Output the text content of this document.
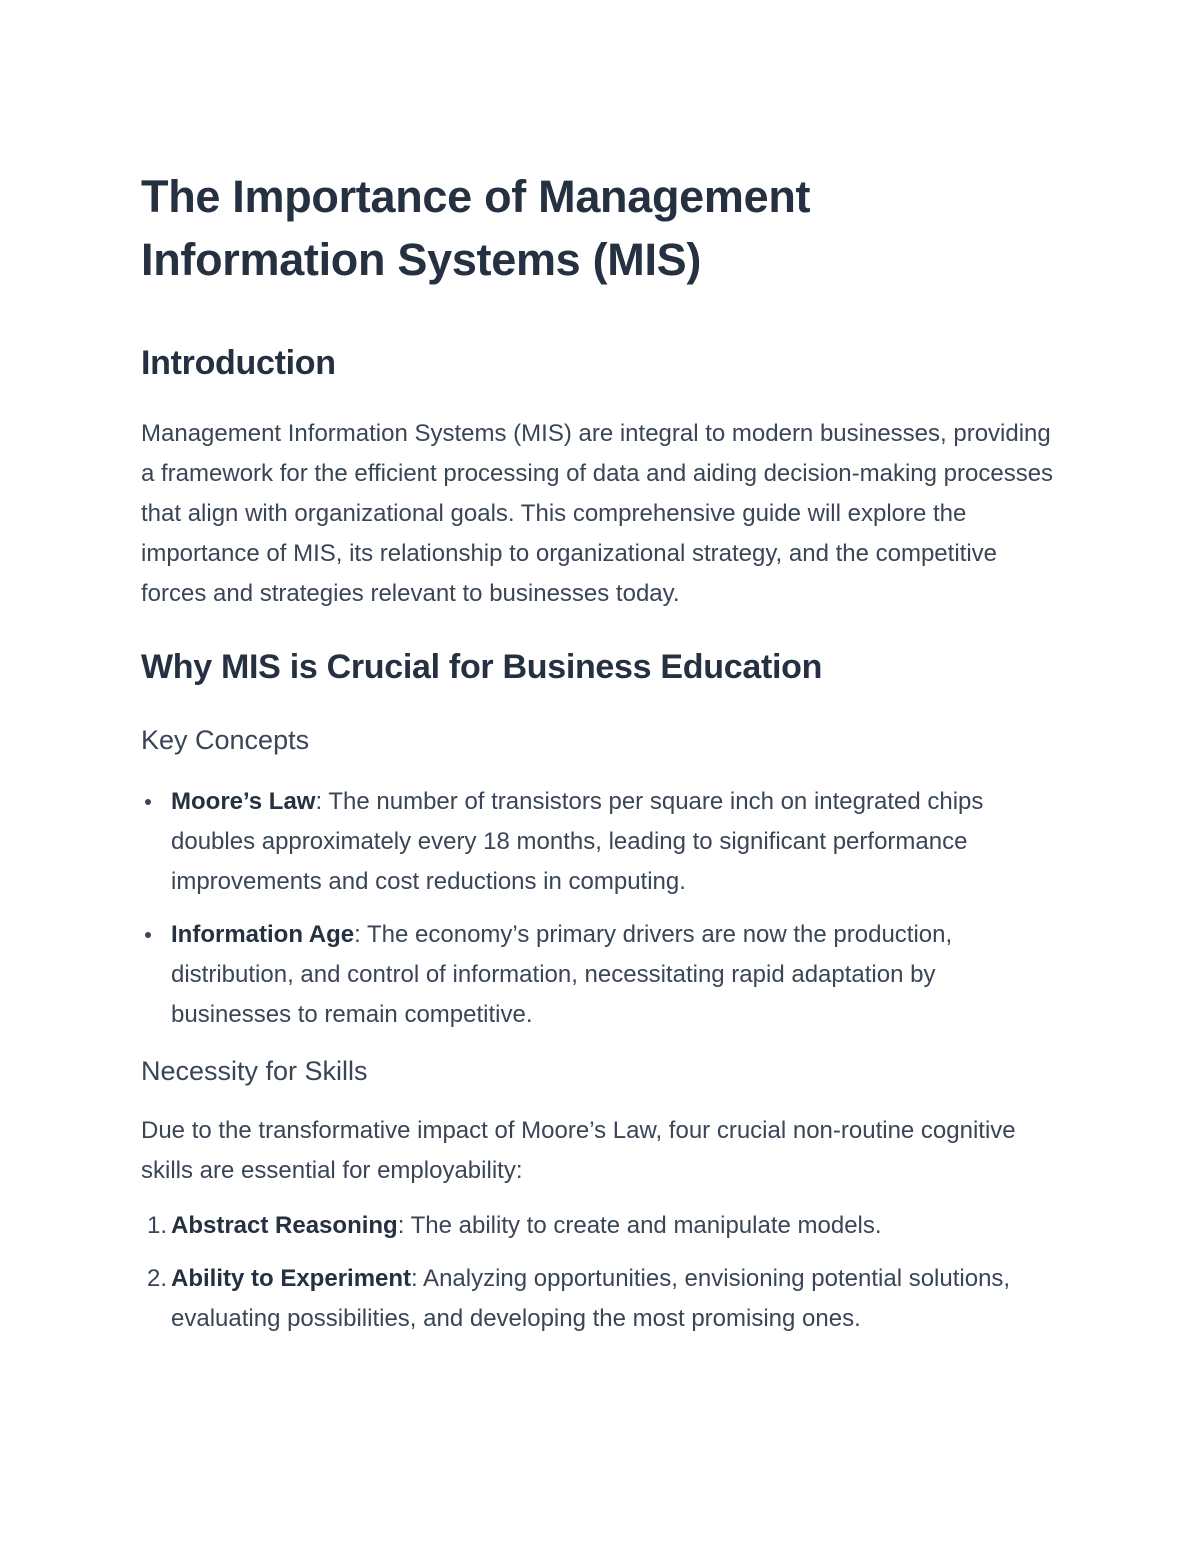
The Importance of Management Information Systems (MIS)
Introduction

Management Information Systems (MIS) are integral to modern businesses, providing a framework for the efficient processing of data and aiding decision-making processes that align with organizational goals. This comprehensive guide will explore the importance of MIS, its relationship to organizational strategy, and the competitive forces and strategies relevant to businesses today.

Why MIS is Crucial for Business Education
Key Concepts
Moore’s Law: The number of transistors per square inch on integrated chips doubles approximately every 18 months, leading to significant performance improvements and cost reductions in computing.
Information Age: The economy’s primary drivers are now the production, distribution, and control of information, necessitating rapid adaptation by businesses to remain competitive.
Necessity for Skills

Due to the transformative impact of Moore’s Law, four crucial non-routine cognitive skills are essential for employability:

1. Abstract Reasoning: The ability to create and manipulate models.
2. Ability to Experiment: Analyzing opportunities, envisioning potential solutions, evaluating possibilities, and developing the most promising ones.
